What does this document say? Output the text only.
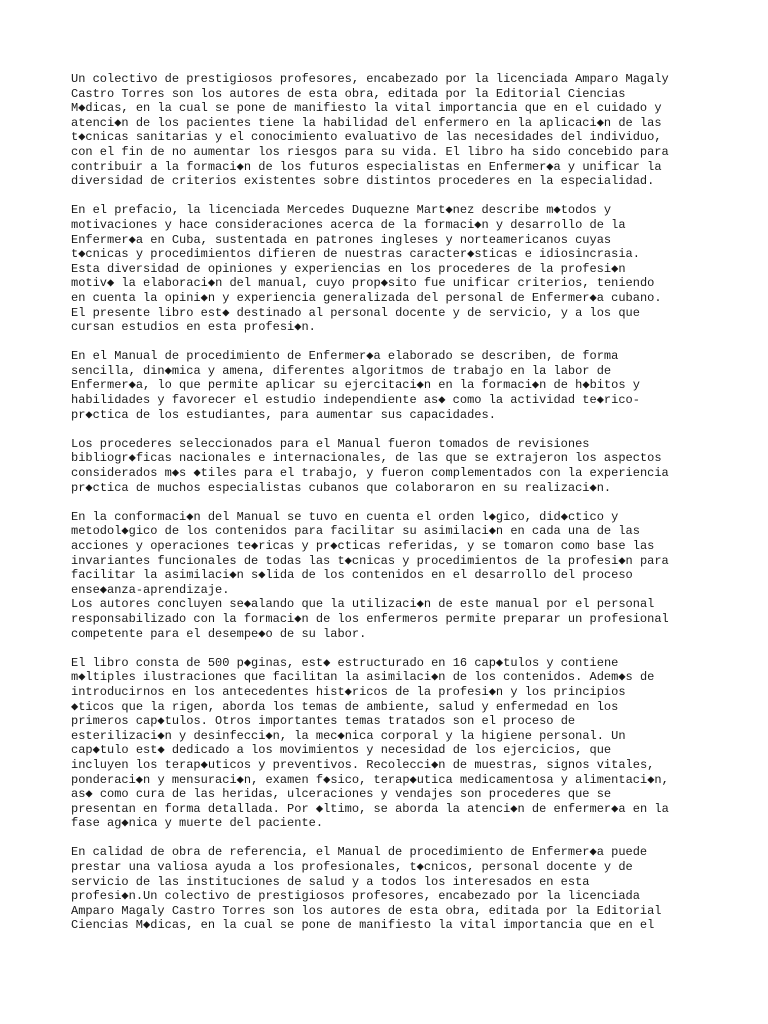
Un colectivo de prestigiosos profesores, encabezado por la licenciada Amparo Magaly
Castro Torres son los autores de esta obra, editada por la Editorial Ciencias
M◆dicas, en la cual se pone de manifiesto la vital importancia que en el cuidado y
atenci◆n de los pacientes tiene la habilidad del enfermero en la aplicaci◆n de las
t◆cnicas sanitarias y el conocimiento evaluativo de las necesidades del individuo,
con el fin de no aumentar los riesgos para su vida. El libro ha sido concebido para
contribuir a la formaci◆n de los futuros especialistas en Enfermer◆a y unificar la
diversidad de criterios existentes sobre distintos procederes en la especialidad.

En el prefacio, la licenciada Mercedes Duquezne Mart◆nez describe m◆todos y
motivaciones y hace consideraciones acerca de la formaci◆n y desarrollo de la
Enfermer◆a en Cuba, sustentada en patrones ingleses y norteamericanos cuyas
t◆cnicas y procedimientos difieren de nuestras caracter◆sticas e idiosincrasia.
Esta diversidad de opiniones y experiencias en los procederes de la profesi◆n
motiv◆ la elaboraci◆n del manual, cuyo prop◆sito fue unificar criterios, teniendo
en cuenta la opini◆n y experiencia generalizada del personal de Enfermer◆a cubano.
El presente libro est◆ destinado al personal docente y de servicio, y a los que
cursan estudios en esta profesi◆n.

En el Manual de procedimiento de Enfermer◆a elaborado se describen, de forma
sencilla, din◆mica y amena, diferentes algoritmos de trabajo en la labor de
Enfermer◆a, lo que permite aplicar su ejercitaci◆n en la formaci◆n de h◆bitos y
habilidades y favorecer el estudio independiente as◆ como la actividad te◆rico-
pr◆ctica de los estudiantes, para aumentar sus capacidades.

Los procederes seleccionados para el Manual fueron tomados de revisiones
bibliogr◆ficas nacionales e internacionales, de las que se extrajeron los aspectos
considerados m◆s ◆tiles para el trabajo, y fueron complementados con la experiencia
pr◆ctica de muchos especialistas cubanos que colaboraron en su realizaci◆n.

En la conformaci◆n del Manual se tuvo en cuenta el orden l◆gico, did◆ctico y
metodol◆gico de los contenidos para facilitar su asimilaci◆n en cada una de las
acciones y operaciones te◆ricas y pr◆cticas referidas, y se tomaron como base las
invariantes funcionales de todas las t◆cnicas y procedimientos de la profesi◆n para
facilitar la asimilaci◆n s◆lida de los contenidos en el desarrollo del proceso
ense◆anza-aprendizaje.
Los autores concluyen se◆alando que la utilizaci◆n de este manual por el personal
responsabilizado con la formaci◆n de los enfermeros permite preparar un profesional
competente para el desempe◆o de su labor.

El libro consta de 500 p◆ginas, est◆ estructurado en 16 cap◆tulos y contiene
m◆ltiples ilustraciones que facilitan la asimilaci◆n de los contenidos. Adem◆s de
introducirnos en los antecedentes hist◆ricos de la profesi◆n y los principios
◆ticos que la rigen, aborda los temas de ambiente, salud y enfermedad en los
primeros cap◆tulos. Otros importantes temas tratados son el proceso de
esterilizaci◆n y desinfecci◆n, la mec◆nica corporal y la higiene personal. Un
cap◆tulo est◆ dedicado a los movimientos y necesidad de los ejercicios, que
incluyen los terap◆uticos y preventivos. Recolecci◆n de muestras, signos vitales,
ponderaci◆n y mensuraci◆n, examen f◆sico, terap◆utica medicamentosa y alimentaci◆n,
as◆ como cura de las heridas, ulceraciones y vendajes son procederes que se
presentan en forma detallada. Por ◆ltimo, se aborda la atenci◆n de enfermer◆a en la
fase ag◆nica y muerte del paciente.

En calidad de obra de referencia, el Manual de procedimiento de Enfermer◆a puede
prestar una valiosa ayuda a los profesionales, t◆cnicos, personal docente y de
servicio de las instituciones de salud y a todos los interesados en esta
profesi◆n.Un colectivo de prestigiosos profesores, encabezado por la licenciada
Amparo Magaly Castro Torres son los autores de esta obra, editada por la Editorial
Ciencias M◆dicas, en la cual se pone de manifiesto la vital importancia que en el
